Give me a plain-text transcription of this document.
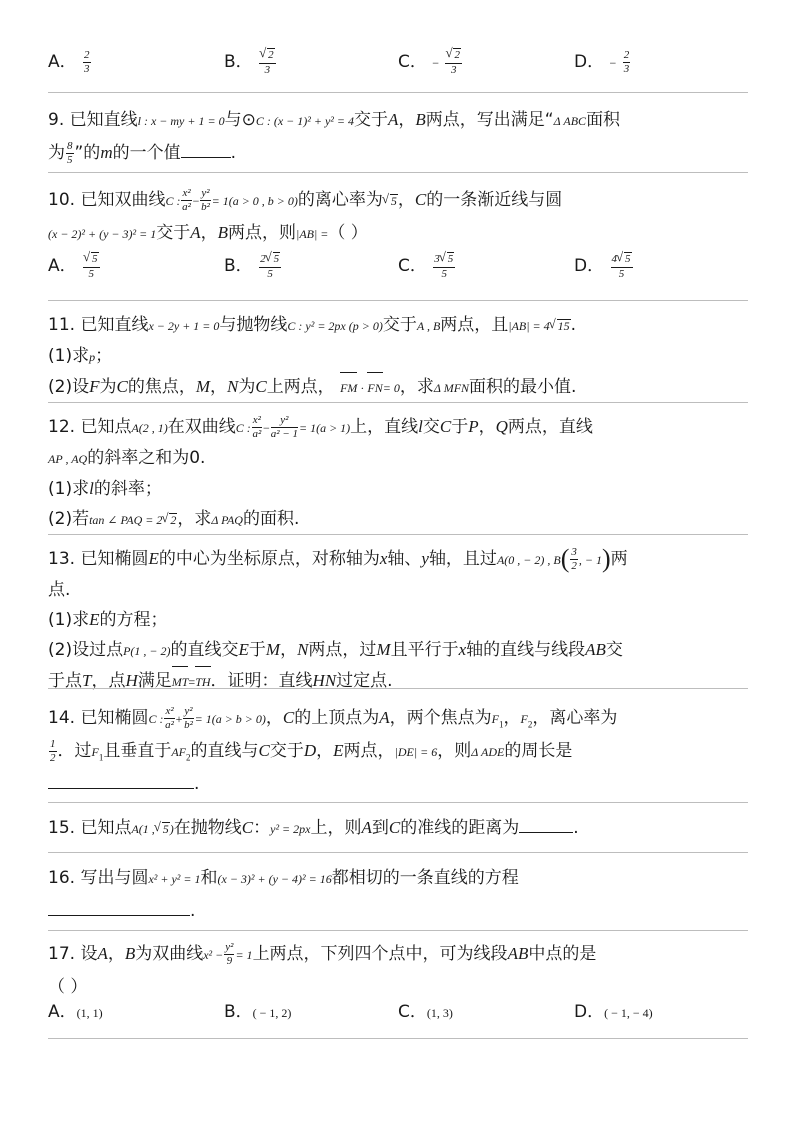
A． $\frac{2}{3}$	B． √ $\frac{2}{3}$	C． − √ $\frac{2}{3}$	D． − $\frac{2}{3}$
9. 已知直线l : x − my + 1 = 0与⊙C : (x − 1)² + y² = 4交于A，B两点，写出满足“Δ ABC面积
为 $\frac{8}{5}$ ”的m的一个值	.
10. 已知双曲线C : $\frac{\text{x²}}{\text{a²}} - \frac{\text{y²}}{\text{b²}} = 1(a > 0$ , b > 0)的离心率为 √ 5，C的一条渐近线与圆
(x − 2)² + (y − 3)² = 1交于A，B两点，则|AB| =（ ）
A． √ $\frac{5}{5}$	B． $\frac{2 √ 5}{5}$	C． $\frac{3 √ 5}{5}$	D． $\frac{4 √ 5}{5}$
11. 已知直线x − 2y + 1 = 0与抛物线C : y² = 2px (p > 0)交于A , B两点，且|AB| = 4 √ 15.
(1)求p；
(2)设F为C的焦点，M，N为C上两点， FM · FN= 0，求Δ MFN面积的最小值.
12. 已知点A(2 , 1)在双曲线C : $\frac{\text{x²}}{\text{a²}} - \frac{\text{y²}}{\text{a² − 1}} = 1(a > 1)$上，直线l交C于P，Q两点，直线
AP , AQ的斜率之和为0.
(1)求l的斜率；
(2)若tan ∠ PAQ = 2 √ 2，求Δ PAQ的面积.
13. 已知椭圆E的中心为坐标原点，对称轴为x轴、y轴，且过A(0 , − 2) , $B( \frac{3}{2}$ , − 1)两
点.
(1)求E的方程；
(2)设过点P(1 , − 2)的直线交E于M，N两点，过M且平行于x轴的直线与线段AB交
于点T，点H满足MT=TH．证明：直线HN过定点.
14. 已知椭圆C : $\frac{\text{x²}}{\text{a²}} + \frac{\text{y²}}{\text{b²}} = 1(a > b > 0)$，C的上顶点为A，两个焦点为$F_1$，$F_2$，离心率为

$\frac{1}{2}$ ．过$F_1$且垂直于$AF_2$的直线与C交于D，E两点，|DE| = 6，则Δ ADE的周长是
.
15. 已知点A(1 , √ 5)在抛物线C：y² = 2px上，则A到C的准线的距离为	.
16. 写出与圆x² + y² = 1和(x − 3)² + (y − 4)² = 16都相切的一条直线的方程
.
17. 设A，B为双曲线$x^2 - \frac{\text{y²}}{9} = 1$上两点，下列四个点中，可为线段AB中点的是
（ ）
A．(1, 1)	B．( − 1, 2)	C．(1, 3)	D．( − 1, − 4)
